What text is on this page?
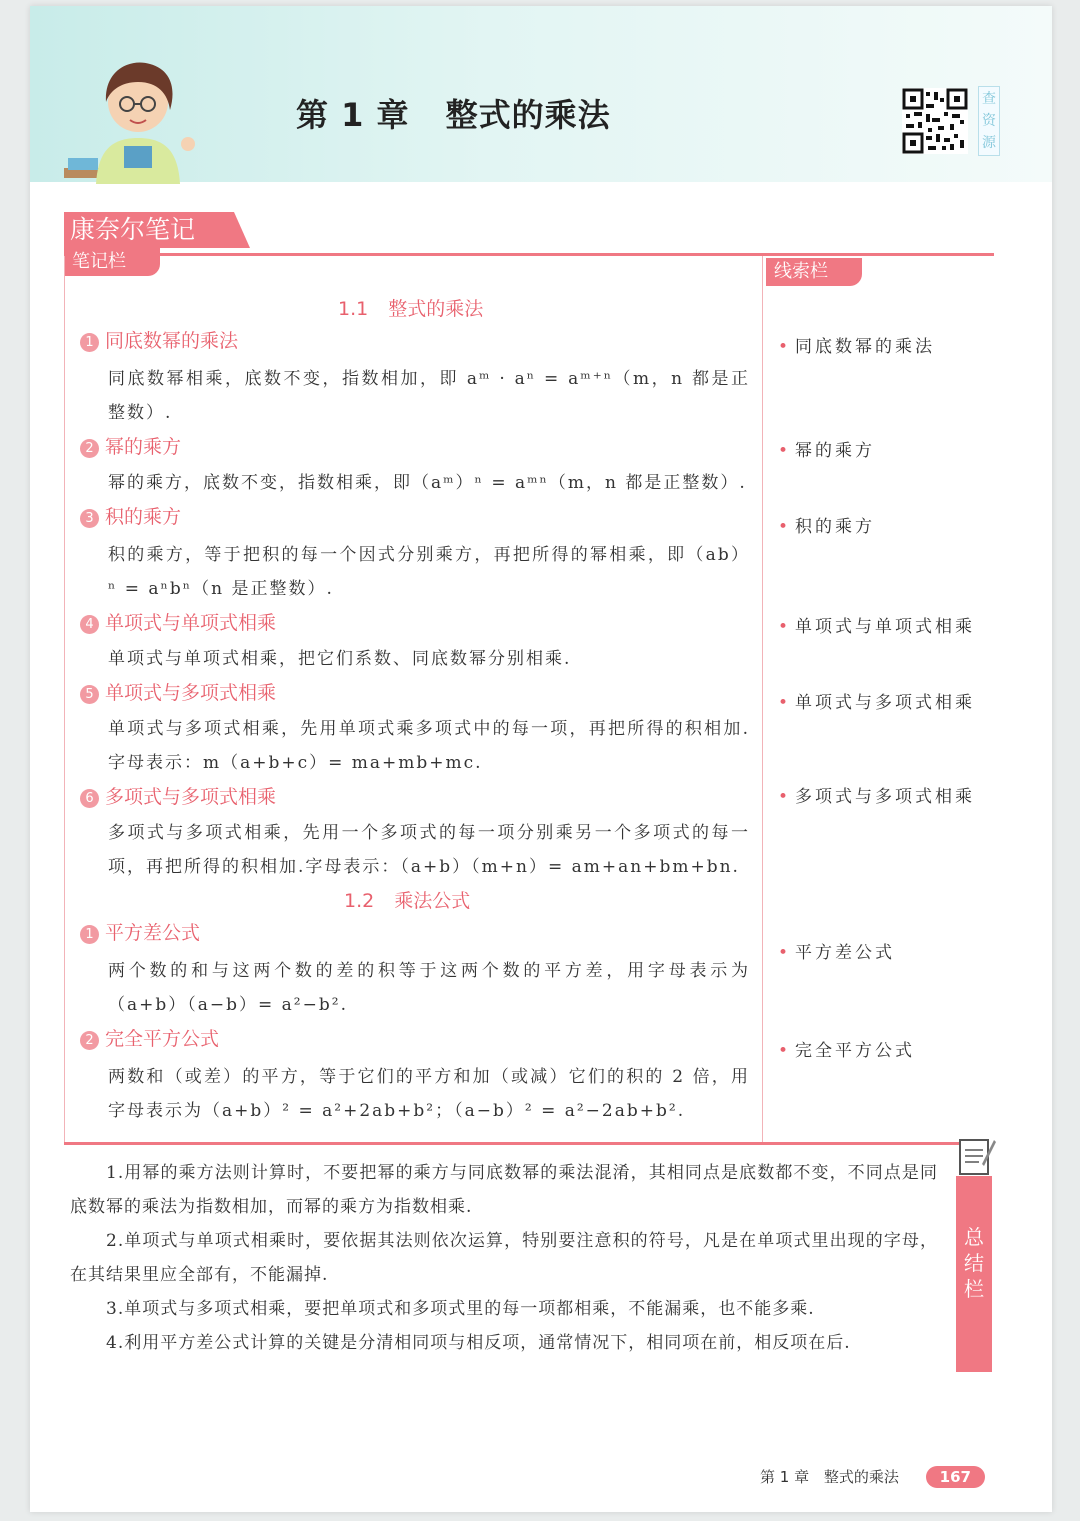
第 1 章 整式的乘法	查资源
康奈尔笔记
笔记栏	线索栏
1.1 整式的乘法
1 同底数幂的乘法
同底数幂相乘，底数不变，指数相加，即 aᵐ · aⁿ = aᵐ⁺ⁿ（m，n 都是正整数）.
• 同底数幂的乘法
2 幂的乘方
幂的乘方，底数不变，指数相乘，即（aᵐ）ⁿ = aᵐⁿ（m，n 都是正整数）.
• 幂的乘方
3 积的乘方
积的乘方，等于把积的每一个因式分别乘方，再把所得的幂相乘，即（ab）ⁿ = aⁿbⁿ（n 是正整数）.
• 积的乘方
4 单项式与单项式相乘
单项式与单项式相乘，把它们系数、同底数幂分别相乘.
• 单项式与单项式相乘
5 单项式与多项式相乘
单项式与多项式相乘，先用单项式乘多项式中的每一项，再把所得的积相加.字母表示：m（a+b+c）= ma+mb+mc.
• 单项式与多项式相乘
6 多项式与多项式相乘
多项式与多项式相乘，先用一个多项式的每一项分别乘另一个多项式的每一项，再把所得的积相加.字母表示：（a+b）（m+n）= am+an+bm+bn.
• 多项式与多项式相乘
1.2 乘法公式
1 平方差公式
两个数的和与这两个数的差的积等于这两个数的平方差，用字母表示为（a+b）（a−b）= a²−b².
• 平方差公式
2 完全平方公式
两数和（或差）的平方，等于它们的平方和加（或减）它们的积的 2 倍，用字母表示为（a+b）² = a²+2ab+b²；（a−b）² = a²−2ab+b².
• 完全平方公式

1.用幂的乘方法则计算时，不要把幂的乘方与同底数幂的乘法混淆，其相同点是底数都不变，不同点是同底数幂的乘法为指数相加，而幂的乘方为指数相乘.

2.单项式与单项式相乘时，要依据其法则依次运算，特别要注意积的符号，凡是在单项式里出现的字母，在其结果里应全部有，不能漏掉.

3.单项式与多项式相乘，要把单项式和多项式里的每一项都相乘，不能漏乘，也不能多乘.

4.利用平方差公式计算的关键是分清相同项与相反项，通常情况下，相同项在前，相反项在后.

总结栏
第 1 章 整式的乘法	167
